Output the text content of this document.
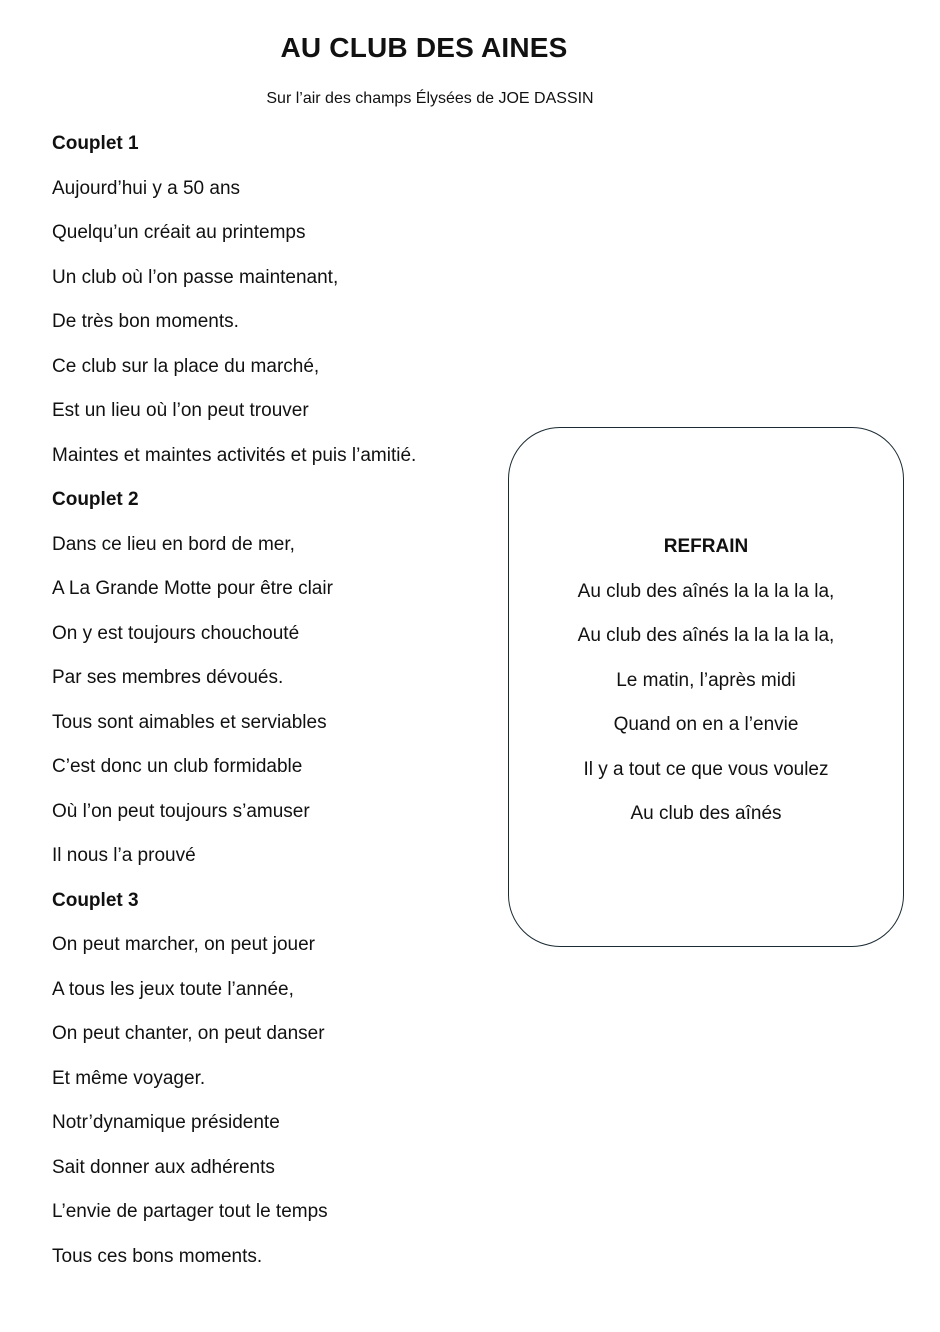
AU CLUB DES AINES

Sur l’air des champs Élysées de JOE DASSIN

Couplet 1
Aujourd’hui y a 50 ans
Quelqu’un créait au printemps
Un club où l’on passe maintenant,
De très bon moments.
Ce club sur la place du marché,
Est un lieu où l’on peut trouver
Maintes et maintes activités et puis l’amitié.
Couplet 2
Dans ce lieu en bord de mer,
A La Grande Motte pour être clair
On y est toujours chouchouté
Par ses membres dévoués.
Tous sont aimables et serviables
C’est donc un club formidable
Où l’on peut toujours s’amuser
Il nous l’a prouvé
Couplet 3
On peut marcher, on peut jouer
A tous les jeux toute l’année,
On peut chanter, on peut danser
Et même voyager.
Notr’dynamique présidente
Sait donner aux adhérents
L’envie de partager tout le temps
Tous ces bons moments.
REFRAIN
Au club des aînés la la la la la,
Au club des aînés la la la la la,
Le matin, l’après midi
Quand on en a l’envie
Il y a tout ce que vous voulez
Au club des aînés
